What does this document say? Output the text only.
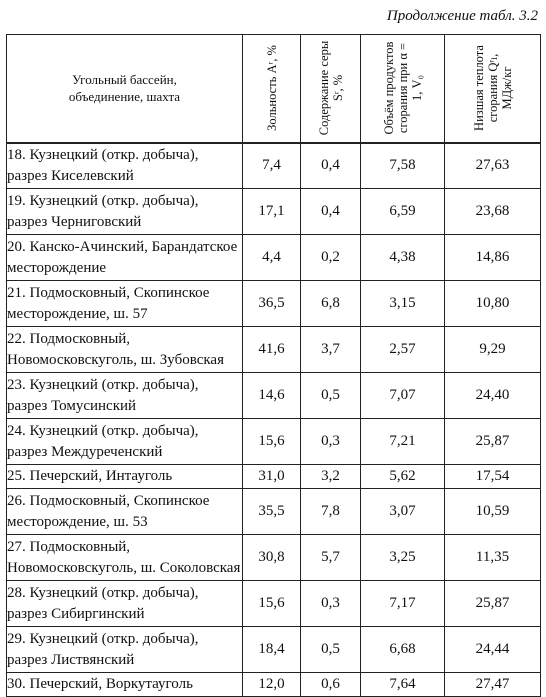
Продолжение табл. 3.2
Угольный бассейн, объединение, шахта	Зольность Aʳ, %	Содержание серы Sʳ, %	Объём продуктов сгорания при α = 1, V₀	Низшая теплота сгорания Qʳₗ, МДж/кг

18. Кузнецкий (откр. добыча), разрез Киселевский	7,4	0,4	7,58	27,63
19. Кузнецкий (откр. добыча), разрез Черниговский	17,1	0,4	6,59	23,68
20. Канско-Ачинский, Барандатское месторождение	4,4	0,2	4,38	14,86
21. Подмосковный, Скопинское месторождение, ш. 57	36,5	6,8	3,15	10,80
22. Подмосковный, Новомосковскуголь, ш. Зубовская	41,6	3,7	2,57	9,29
23. Кузнецкий (откр. добыча), разрез Томусинский	14,6	0,5	7,07	24,40
24. Кузнецкий (откр. добыча), разрез Междуреченский	15,6	0,3	7,21	25,87
25. Печерский, Интауголь	31,0	3,2	5,62	17,54
26. Подмосковный, Скопинское месторождение, ш. 53	35,5	7,8	3,07	10,59
27. Подмосковный, Новомосковскуголь, ш. Соколовская	30,8	5,7	3,25	11,35
28. Кузнецкий (откр. добыча), разрез Сибиргинский	15,6	0,3	7,17	25,87
29. Кузнецкий (откр. добыча), разрез Листвянский	18,4	0,5	6,68	24,44
30. Печерский, Воркутауголь	12,0	0,6	7,64	27,47
